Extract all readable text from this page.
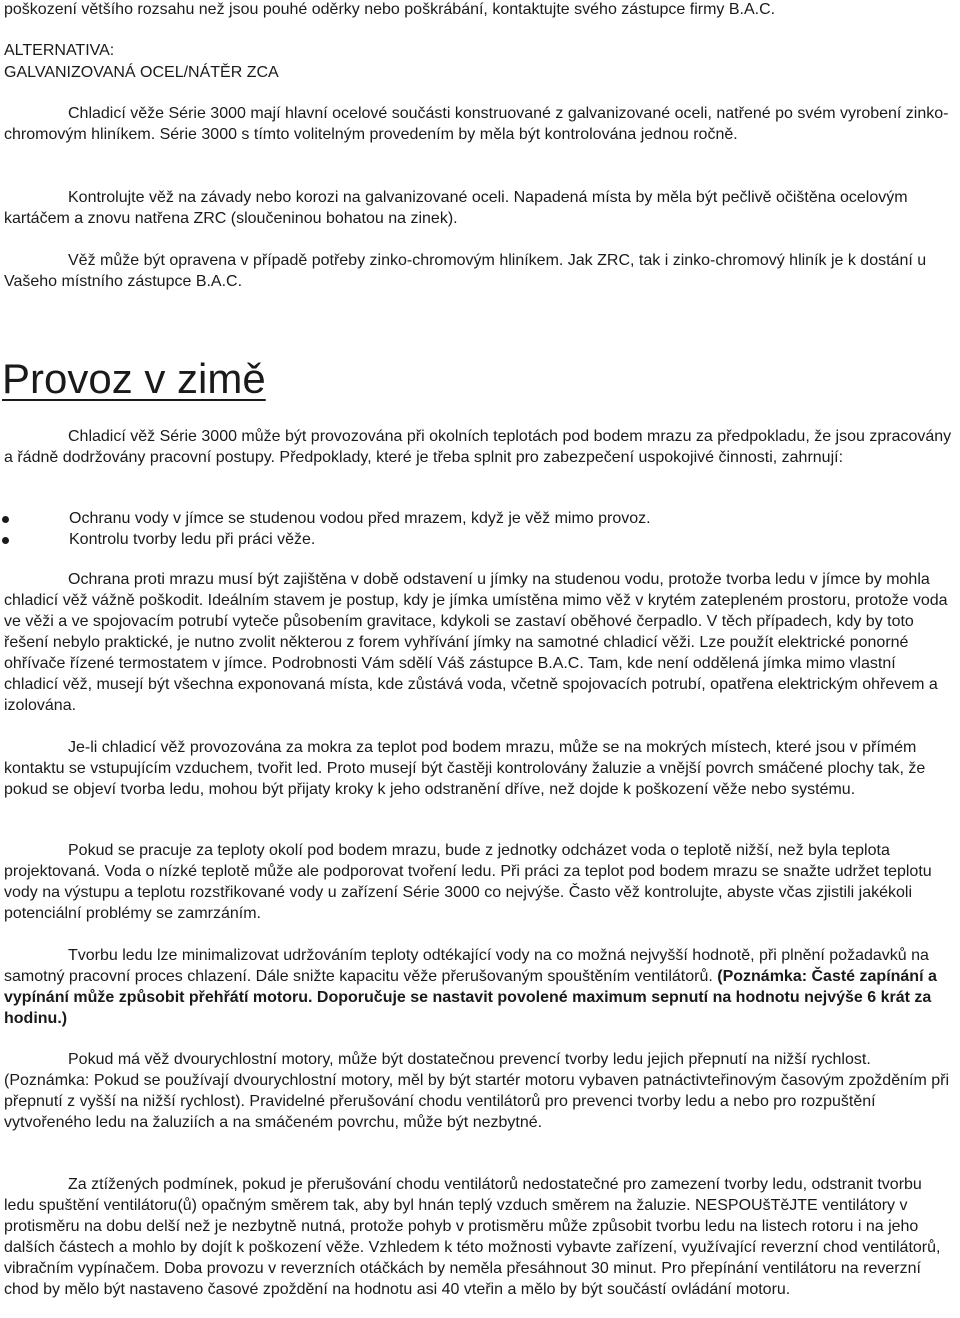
poškození většího rozsahu než jsou pouhé oděrky nebo poškrábání, kontaktujte svého zástupce firmy B.A.C.

ALTERNATIVA:

GALVANIZOVANÁ OCEL/NÁTĚR ZCA

Chladicí věže Série 3000 mají hlavní ocelové součásti konstruované z galvanizované oceli, natřené po svém vyrobení zinko-chromovým hliníkem. Série 3000 s tímto volitelným provedením by měla být kontrolována jednou ročně.

Kontrolujte věž na závady nebo korozi na galvanizované oceli. Napadená místa by měla být pečlivě očištěna ocelovým kartáčem a znovu natřena ZRC (sloučeninou bohatou na zinek).

Věž může být opravena v případě potřeby zinko-chromovým hliníkem. Jak ZRC, tak i zinko-chromový hliník je k dostání u Vašeho místního zástupce B.A.C.

Provoz v zimě

Chladicí věž Série 3000 může být provozována při okolních teplotách pod bodem mrazu za předpokladu, že jsou zpracovány a řádně dodržovány pracovní postupy. Předpoklady, které je třeba splnit pro zabezpečení uspokojivé činnosti, zahrnují:

Ochranu vody v jímce se studenou vodou před mrazem, když je věž mimo provoz.
Kontrolu tvorby ledu při práci věže.

Ochrana proti mrazu musí být zajištěna v době odstavení u jímky na studenou vodu, protože tvorba ledu v jímce by mohla chladicí věž vážně poškodit. Ideálním stavem je postup, kdy je jímka umístěna mimo věž v krytém zatepleném prostoru, protože voda ve věži a ve spojovacím potrubí vyteče působením gravitace, kdykoli se zastaví oběhové čerpadlo. V těch případech, kdy by toto řešení nebylo praktické, je nutno zvolit některou z forem vyhřívání jímky na samotné chladicí věži. Lze použít elektrické ponorné ohřívače řízené termostatem v jímce. Podrobnosti Vám sdělí Váš zástupce B.A.C. Tam, kde není oddělená jímka mimo vlastní chladicí věž, musejí být všechna exponovaná místa, kde zůstává voda, včetně spojovacích potrubí, opatřena elektrickým ohřevem a izolována.

Je-li chladicí věž provozována za mokra za teplot pod bodem mrazu, může se na mokrých místech, které jsou v přímém kontaktu se vstupujícím vzduchem, tvořit led. Proto musejí být častěji kontrolovány žaluzie a vnější povrch smáčené plochy tak, že pokud se objeví tvorba ledu, mohou být přijaty kroky k jeho odstranění dříve, než dojde k poškození věže nebo systému.

Pokud se pracuje za teploty okolí pod bodem mrazu, bude z jednotky odcházet voda o teplotě nižší, než byla teplota projektovaná. Voda o nízké teplotě může ale podporovat tvoření ledu. Při práci za teplot pod bodem mrazu se snažte udržet teplotu vody na výstupu a teplotu rozstřikované vody u zařízení Série 3000 co nejvýše. Často věž kontrolujte, abyste včas zjistili jakékoli potenciální problémy se zamrzáním.

Tvorbu ledu lze minimalizovat udržováním teploty odtékající vody na co možná nejvyšší hodnotě, při plnění požadavků na samotný pracovní proces chlazení. Dále snižte kapacitu věže přerušovaným spouštěním ventilátorů. (Poznámka: Časté zapínání a vypínání může způsobit přehřátí motoru. Doporučuje se nastavit povolené maximum sepnutí na hodnotu nejvýše 6 krát za hodinu.)

Pokud má věž dvourychlostní motory, může být dostatečnou prevencí tvorby ledu jejich přepnutí na nižší rychlost. (Poznámka: Pokud se používají dvourychlostní motory, měl by být startér motoru vybaven patnáctivteřinovým časovým zpožděním při přepnutí z vyšší na nižší rychlost). Pravidelné přerušování chodu ventilátorů pro prevenci tvorby ledu a nebo pro rozpuštění vytvořeného ledu na žaluziích a na smáčeném povrchu, může být nezbytné.

Za ztížených podmínek, pokud je přerušování chodu ventilátorů nedostatečné pro zamezení tvorby ledu, odstranit tvorbu ledu spuštění ventilátoru(ů) opačným směrem tak, aby byl hnán teplý vzduch směrem na žaluzie. NESPOUšTěJTE ventilátory v protisměru na dobu delší než je nezbytně nutná, protože pohyb v protisměru může způsobit tvorbu ledu na listech rotoru i na jeho dalších částech a mohlo by dojít k poškození věže. Vzhledem k této možnosti vybavte zařízení, využívající reverzní chod ventilátorů, vibračním vypínačem. Doba provozu v reverzních otáčkách by neměla přesáhnout 30 minut. Pro přepínání ventilátoru na reverzní chod by mělo být nastaveno časové zpoždění na hodnotu asi 40 vteřin a mělo by být součástí ovládání motoru.
